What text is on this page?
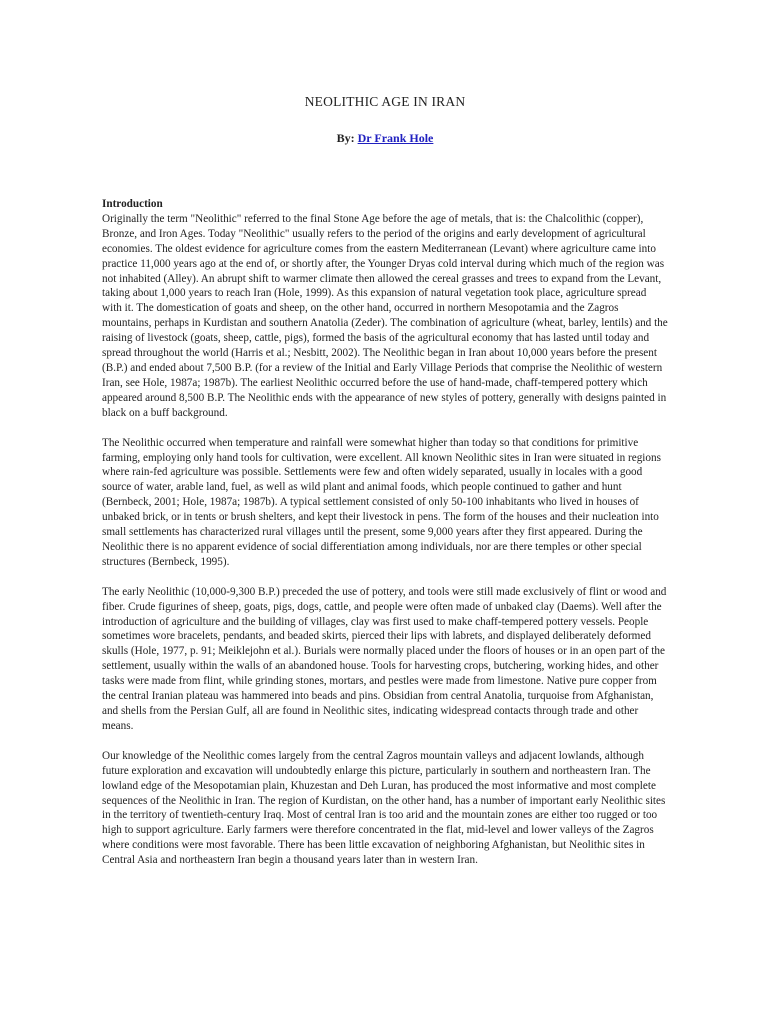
NEOLITHIC AGE IN IRAN

By: Dr Frank Hole

Introduction
Originally the term "Neolithic" referred to the final Stone Age before the age of metals, that is: the Chalcolithic (copper), Bronze, and Iron Ages. Today "Neolithic" usually refers to the period of the origins and early development of agricultural economies. The oldest evidence for agriculture comes from the eastern Mediterranean (Levant) where agriculture came into practice 11,000 years ago at the end of, or shortly after, the Younger Dryas cold interval during which much of the region was not inhabited (Alley). An abrupt shift to warmer climate then allowed the cereal grasses and trees to expand from the Levant, taking about 1,000 years to reach Iran (Hole, 1999). As this expansion of natural vegetation took place, agriculture spread with it. The domestication of goats and sheep, on the other hand, occurred in northern Mesopotamia and the Zagros mountains, perhaps in Kurdistan and southern Anatolia (Zeder). The combination of agriculture (wheat, barley, lentils) and the raising of livestock (goats, sheep, cattle, pigs), formed the basis of the agricultural economy that has lasted until today and spread throughout the world (Harris et al.; Nesbitt, 2002). The Neolithic began in Iran about 10,000 years before the present (B.P.) and ended about 7,500 B.P. (for a review of the Initial and Early Village Periods that comprise the Neolithic of western Iran, see Hole, 1987a; 1987b). The earliest Neolithic occurred before the use of hand-made, chaff-tempered pottery which appeared around 8,500 B.P. The Neolithic ends with the appearance of new styles of pottery, generally with designs painted in black on a buff background.

The Neolithic occurred when temperature and rainfall were somewhat higher than today so that conditions for primitive farming, employing only hand tools for cultivation, were excellent. All known Neolithic sites in Iran were situated in regions where rain-fed agriculture was possible. Settlements were few and often widely separated, usually in locales with a good source of water, arable land, fuel, as well as wild plant and animal foods, which people continued to gather and hunt (Bernbeck, 2001; Hole, 1987a; 1987b). A typical settlement consisted of only 50-100 inhabitants who lived in houses of unbaked brick, or in tents or brush shelters, and kept their livestock in pens. The form of the houses and their nucleation into small settlements has characterized rural villages until the present, some 9,000 years after they first appeared. During the Neolithic there is no apparent evidence of social differentiation among individuals, nor are there temples or other special structures (Bernbeck, 1995).

The early Neolithic (10,000-9,300 B.P.) preceded the use of pottery, and tools were still made exclusively of flint or wood and fiber. Crude figurines of sheep, goats, pigs, dogs, cattle, and people were often made of unbaked clay (Daems). Well after the introduction of agriculture and the building of villages, clay was first used to make chaff-tempered pottery vessels. People sometimes wore bracelets, pendants, and beaded skirts, pierced their lips with labrets, and displayed deliberately deformed skulls (Hole, 1977, p. 91; Meiklejohn et al.). Burials were normally placed under the floors of houses or in an open part of the settlement, usually within the walls of an abandoned house. Tools for harvesting crops, butchering, working hides, and other tasks were made from flint, while grinding stones, mortars, and pestles were made from limestone. Native pure copper from the central Iranian plateau was hammered into beads and pins. Obsidian from central Anatolia, turquoise from Afghanistan, and shells from the Persian Gulf, all are found in Neolithic sites, indicating widespread contacts through trade and other means.

Our knowledge of the Neolithic comes largely from the central Zagros mountain valleys and adjacent lowlands, although future exploration and excavation will undoubtedly enlarge this picture, particularly in southern and northeastern Iran. The lowland edge of the Mesopotamian plain, Khuzestan and Deh Luran, has produced the most informative and most complete sequences of the Neolithic in Iran. The region of Kurdistan, on the other hand, has a number of important early Neolithic sites in the territory of twentieth-century Iraq. Most of central Iran is too arid and the mountain zones are either too rugged or too high to support agriculture. Early farmers were therefore concentrated in the flat, mid-level and lower valleys of the Zagros where conditions were most favorable. There has been little excavation of neighboring Afghanistan, but Neolithic sites in Central Asia and northeastern Iran begin a thousand years later than in western Iran.
